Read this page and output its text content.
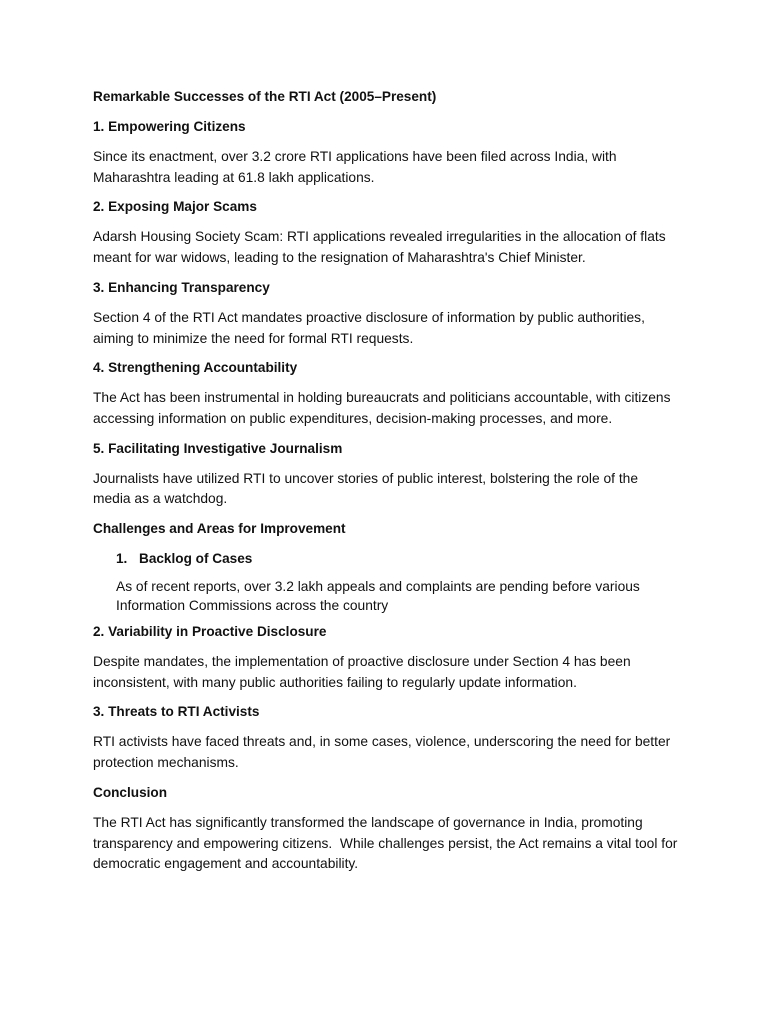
Remarkable Successes of the RTI Act (2005–Present)
1. Empowering Citizens
Since its enactment, over 3.2 crore RTI applications have been filed across India, with Maharashtra leading at 61.8 lakh applications.
2. Exposing Major Scams
Adarsh Housing Society Scam: RTI applications revealed irregularities in the allocation of flats meant for war widows, leading to the resignation of Maharashtra's Chief Minister.
3. Enhancing Transparency
Section 4 of the RTI Act mandates proactive disclosure of information by public authorities, aiming to minimize the need for formal RTI requests.
4. Strengthening Accountability
The Act has been instrumental in holding bureaucrats and politicians accountable, with citizens accessing information on public expenditures, decision-making processes, and more.
5. Facilitating Investigative Journalism
Journalists have utilized RTI to uncover stories of public interest, bolstering the role of the media as a watchdog.
Challenges and Areas for Improvement
1. Backlog of Cases
As of recent reports, over 3.2 lakh appeals and complaints are pending before various Information Commissions across the country
2. Variability in Proactive Disclosure
Despite mandates, the implementation of proactive disclosure under Section 4 has been inconsistent, with many public authorities failing to regularly update information.
3. Threats to RTI Activists
RTI activists have faced threats and, in some cases, violence, underscoring the need for better protection mechanisms.
Conclusion
The RTI Act has significantly transformed the landscape of governance in India, promoting transparency and empowering citizens.  While challenges persist, the Act remains a vital tool for democratic engagement and accountability.
